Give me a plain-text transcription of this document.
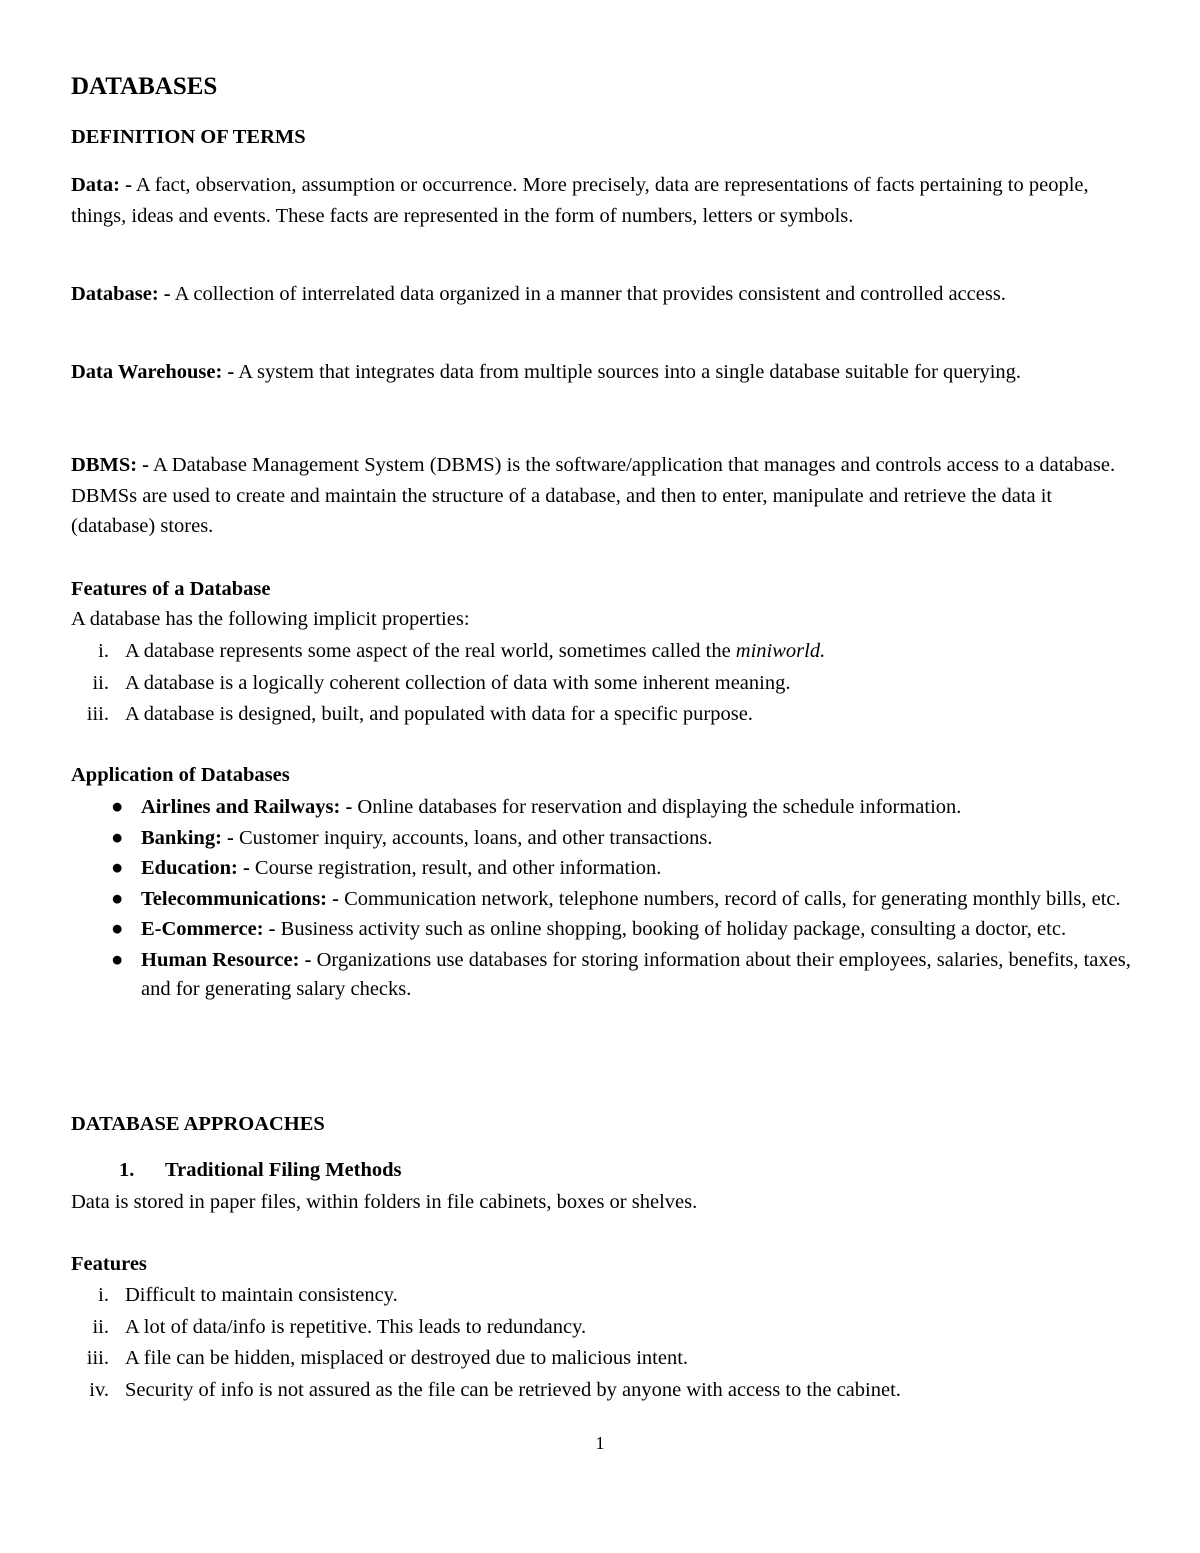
DATABASES
DEFINITION OF TERMS
Data: - A fact, observation, assumption or occurrence. More precisely, data are representations of facts pertaining to people, things, ideas and events. These facts are represented in the form of numbers, letters or symbols.
Database: - A collection of interrelated data organized in a manner that provides consistent and controlled access.
Data Warehouse: - A system that integrates data from multiple sources into a single database suitable for querying.
DBMS: - A Database Management System (DBMS) is the software/application that manages and controls access to a database. DBMSs are used to create and maintain the structure of a database, and then to enter, manipulate and retrieve the data it (database) stores.
Features of a Database
A database has the following implicit properties:
i. A database represents some aspect of the real world, sometimes called the miniworld.
ii. A database is a logically coherent collection of data with some inherent meaning.
iii. A database is designed, built, and populated with data for a specific purpose.
Application of Databases
● Airlines and Railways: - Online databases for reservation and displaying the schedule information.
● Banking: - Customer inquiry, accounts, loans, and other transactions.
● Education: - Course registration, result, and other information.
● Telecommunications: - Communication network, telephone numbers, record of calls, for generating monthly bills, etc.
● E-Commerce: - Business activity such as online shopping, booking of holiday package, consulting a doctor, etc.
● Human Resource: - Organizations use databases for storing information about their employees, salaries, benefits, taxes, and for generating salary checks.
DATABASE APPROACHES
1. Traditional Filing Methods
Data is stored in paper files, within folders in file cabinets, boxes or shelves.
Features
i. Difficult to maintain consistency.
ii. A lot of data/info is repetitive. This leads to redundancy.
iii. A file can be hidden, misplaced or destroyed due to malicious intent.
iv. Security of info is not assured as the file can be retrieved by anyone with access to the cabinet.
1
